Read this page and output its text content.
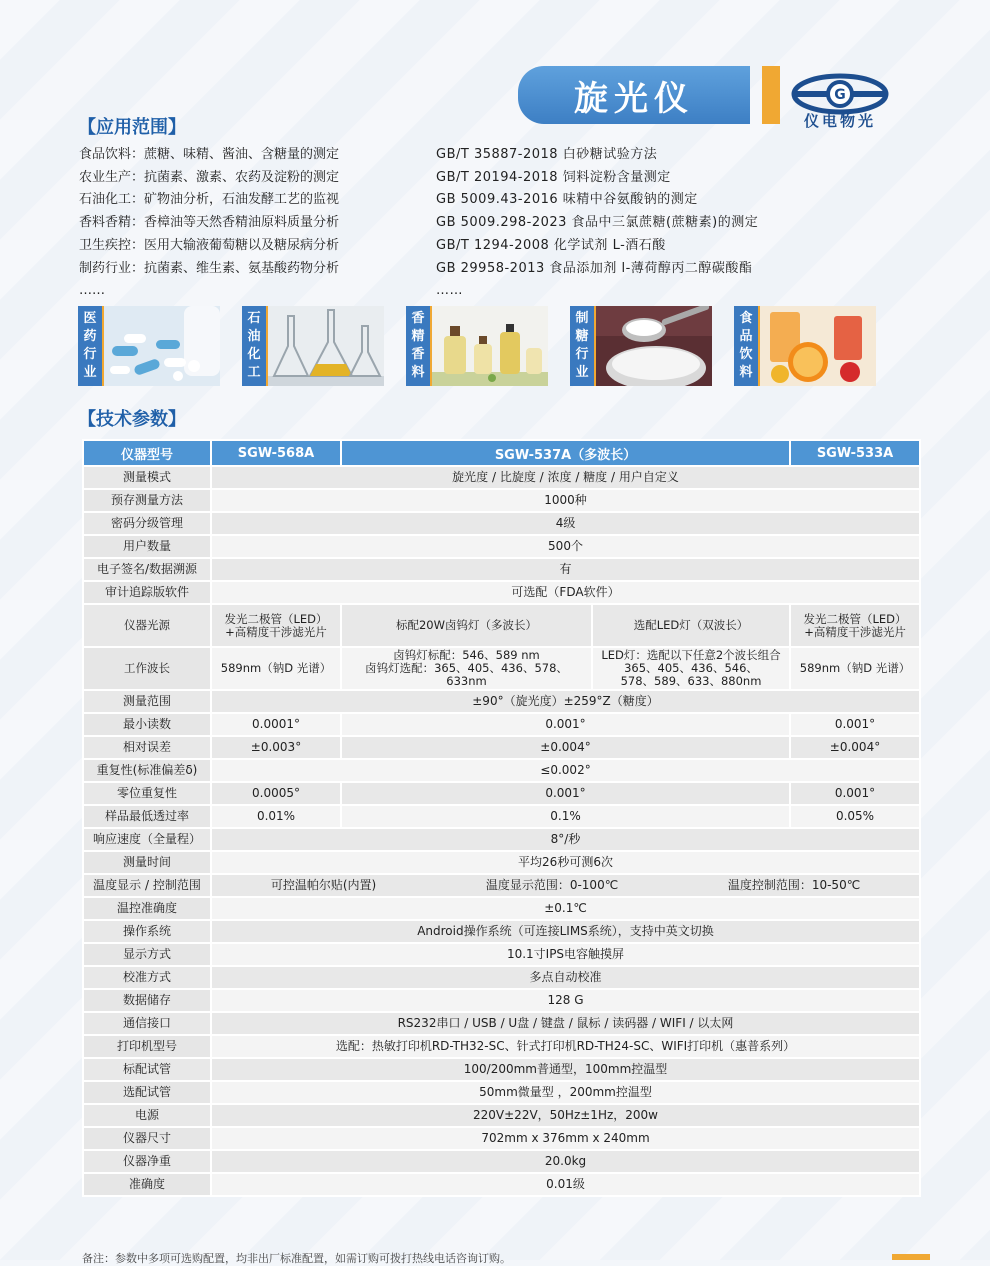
旋光仪	G
仪电物光
【应用范围】
食品饮料：蔗糖、味精、酱油、含糖量的测定
农业生产：抗菌素、激素、农药及淀粉的测定
石油化工：矿物油分析，石油发酵工艺的监视
香料香精：香樟油等天然香精油原料质量分析
卫生疾控：医用大输液葡萄糖以及糖尿病分析
制药行业：抗菌素、维生素、氨基酸药物分析
……
GB/T 35887-2018 白砂糖试验方法
GB/T 20194-2018 饲料淀粉含量测定
GB 5009.43-2016 味精中谷氨酸钠的测定
GB 5009.298-2023 食品中三氯蔗糖(蔗糖素)的测定
GB/T 1294-2008 化学试剂 L-酒石酸
GB 29958-2013 食品添加剂 l-薄荷醇丙二醇碳酸酯
……
医
药
行
业
石
油
化
工
香
精
香
料
制
糖
行
业
食
品
饮
料
【技术参数】
仪器型号	SGW-568A	SGW-537A（多波长）		SGW-533A
测量模式	旋光度 / 比旋度 / 浓度 / 糖度 / 用户自定义			
预存测量方法	1000种			
密码分级管理	4级			
用户数量	500个			
电子签名/数据溯源	有			
审计追踪版软件	可选配（FDA软件）			
仪器光源	发光二极管（LED）
+高精度干涉滤光片	标配20W卤钨灯（多波长）	选配LED灯（双波长）	发光二极管（LED）
+高精度干涉滤光片
工作波长	589nm（钠D 光谱）	卤钨灯标配：546、589 nm
卤钨灯选配：365、405、436、578、633nm	LED灯：选配以下任意2个波长组合
365、405、436、546、
578、589、633、880nm	589nm（钠D 光谱）
测量范围	±90°（旋光度）±259°Z（糖度）			
最小读数	0.0001°	0.001°		0.001°
相对误差	±0.003°	±0.004°		±0.004°
重复性(标准偏差δ)	≤0.002°			
零位重复性	0.0005°	0.001°		0.001°
样品最低透过率	0.01%	0.1%		0.05%
响应速度（全量程）	8°/秒			
测量时间	平均26秒可测6次			
温度显示 / 控制范围	可控温帕尔贴(内置) 温度显示范围：0-100℃ 温度控制范围：10-50℃			

温控准确度	±0.1℃			
操作系统	Android操作系统（可连接LIMS系统），支持中英文切换			
显示方式	10.1寸IPS电容触摸屏			
校准方式	多点自动校准			
数据储存	128 G			
通信接口	RS232串口 / USB / U盘 / 键盘 / 鼠标 / 读码器 / WIFI / 以太网			
打印机型号	选配：热敏打印机RD-TH32-SC、针式打印机RD-TH24-SC、WIFI打印机（惠普系列）			
标配试管	100/200mm普通型，100mm控温型			
选配试管	50mm微量型 ，200mm控温型			
电源	220V±22V，50Hz±1Hz，200w			
仪器尺寸	702mm x 376mm x 240mm			
仪器净重	20.0kg			
准确度	0.01级			
备注：参数中多项可选购配置，均非出厂标准配置，如需订购可拨打热线电话咨询订购。
